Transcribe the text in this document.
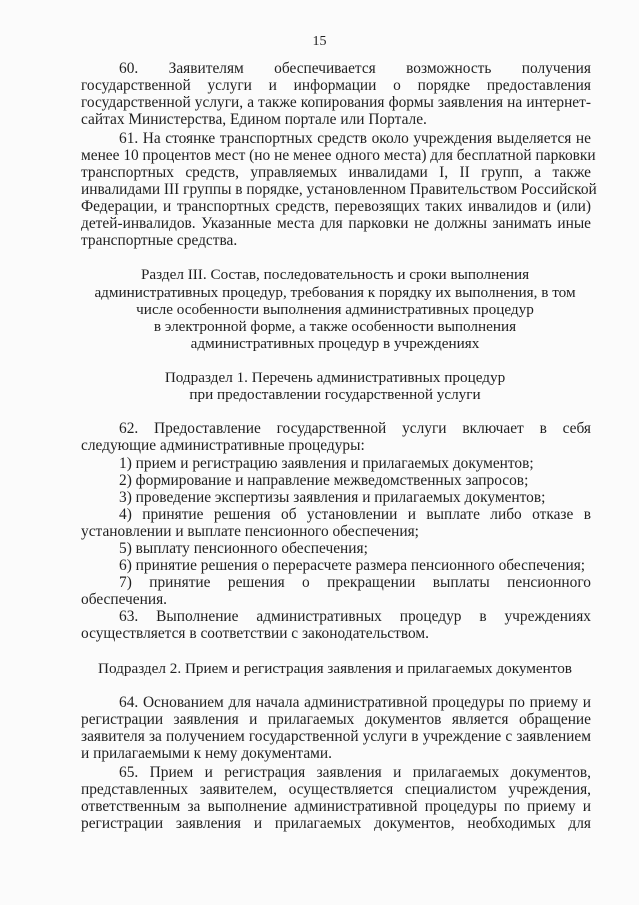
15
60. Заявителям обеспечивается возможность получения
государственной услуги и информации о порядке предоставления
государственной услуги, а также копирования формы заявления на интернет-
сайтах Министерства, Едином портале или Портале.
61. На стоянке транспортных средств около учреждения выделяется не
менее 10 процентов мест (но не менее одного места) для бесплатной парковки
транспортных средств, управляемых инвалидами I, II групп, а также
инвалидами III группы в порядке, установленном Правительством Российской
Федерации, и транспортных средств, перевозящих таких инвалидов и (или)
детей-инвалидов. Указанные места для парковки не должны занимать иные
транспортные средства.
Раздел III. Состав, последовательность и сроки выполнения
административных процедур, требования к порядку их выполнения, в том
числе особенности выполнения административных процедур
в электронной форме, а также особенности выполнения
административных процедур в учреждениях
Подраздел 1. Перечень административных процедур
при предоставлении государственной услуги
62. Предоставление государственной услуги включает в себя
следующие административные процедуры:
1) прием и регистрацию заявления и прилагаемых документов;
2) формирование и направление межведомственных запросов;
3) проведение экспертизы заявления и прилагаемых документов;
4) принятие решения об установлении и выплате либо отказе в
установлении и выплате пенсионного обеспечения;
5) выплату пенсионного обеспечения;
6) принятие решения о перерасчете размера пенсионного обеспечения;
7) принятие решения о прекращении выплаты пенсионного
обеспечения.
63. Выполнение административных процедур в учреждениях
осуществляется в соответствии с законодательством.
Подраздел 2. Прием и регистрация заявления и прилагаемых документов
64. Основанием для начала административной процедуры по приему и
регистрации заявления и прилагаемых документов является обращение
заявителя за получением государственной услуги в учреждение с заявлением
и прилагаемыми к нему документами.
65. Прием и регистрация заявления и прилагаемых документов,
представленных заявителем, осуществляется специалистом учреждения,
ответственным за выполнение административной процедуры по приему и
регистрации заявления и прилагаемых документов, необходимых для
